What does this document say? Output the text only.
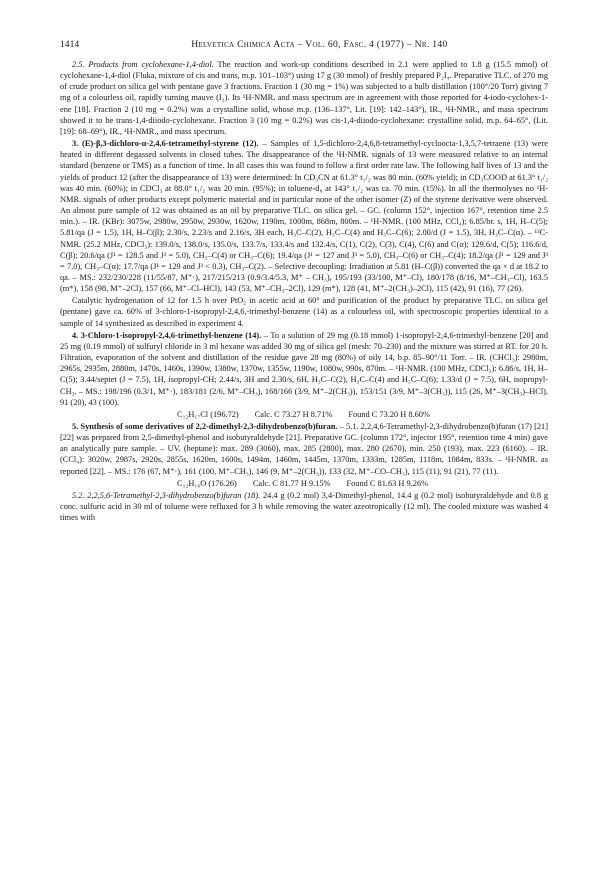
1414	Helvetica Chimica Acta – Vol. 60, Fasc. 4 (1977) – Nr. 140

2.5. Products from cyclohexane-1,4-diol. The reaction and work-up conditions described in 2.1 were applied to 1.8 g (15.5 mmol) of cyclohexane-1,4-diol (Fluka, mixture of cis and trans, m.p. 101–103°) using 17 g (30 mmol) of freshly prepared P₂I₄. Preparative TLC. of 270 mg of crude product on silica gel with pentane gave 3 fractions. Fraction 1 (30 mg = 1%) was subjected to a bulb distillation (100°/20 Torr) giving 7 mg of a colourless oil, rapidly turning mauve (I₂). Its ¹H-NMR. and mass spectrum are in agreement with those reported for 4-iodo-cyclohex-1-ene [18]. Fraction 2 (10 mg = 0.2%) was a crystalline solid, whose m.p. (136–137°, Lit. [19]: 142–143°), IR., ¹H-NMR., and mass spectrum showed it to be trans-1,4-diiodo-cyclohexane. Fraction 3 (10 mg = 0.2%) was cis-1,4-diiodo-cyclohexane: crystalline solid, m.p. 64–65°, (Lit. [19]: 68–69°), IR., ¹H-NMR., and mass spectrum.

3. (E)-β,3-dichloro-α-2,4,6-tetramethyl-styrene (12). – Samples of 1,5-dichloro-2,4,6,8-tetramethyl-cycloocta-1,3,5,7-tetraene (13) were heated in different degassed solvents in closed tubes. The disappearance of the ¹H-NMR. signals of 13 were measured relative to an internal standard (benzene or TMS) as a function of time. In all cases this was found to follow a first order rate law. The following half lives of 13 and the yields of product 12 (after the disappearance of 13) were determined: In CD₃CN at 61.3° t₁/₂ was 80 min. (60% yield); in CD₃COOD at 61.3° t₁/₂ was 40 min. (60%); in CDCl₃ at 88.0° t₁/₂ was 20 min. (95%); in toluene-d₈ at 143° t₁/₂ was ca. 70 min. (15%). In all the thermolyses no ¹H-NMR. signals of other products except polymeric material and in particular none of the other isomer (Z) of the styrene derivative were observed. An almost pure sample of 12 was obtained as an oil by preparative TLC. on silica gel. – GC. (column 152°, injection 167°, retention time 2.5 min.). – IR. (KBr): 3075w, 2980w, 2950w, 2930w, 1620w, 1190m, 1000m, 868m, 800m. – ¹H-NMR. (100 MHz, CCl₄); 6.85/br. s, 1H, H–C(5); 5.81/qa (J = 1.5), 1H, H–C(β); 2.30/s, 2.23/s and 2.16/s, 3H each, H₃C–C(2), H₃C–C(4) and H₃C–C(6); 2.00/d (J = 1.5), 3H, H₃C–C(α). – ¹³C-NMR. (25.2 MHz, CDCl₃): 139.0/s, 138.0/s, 135.0/s, 133.7/s, 133.4/s and 132.4/s, C(1), C(2), C(3), C(4), C(6) and C(α); 129.6/d, C(5); 116.6/d, C(β); 20.6/qa (J¹ = 128.5 and J³ = 5.0), CH₃–C(4) or CH₃–C(6); 19.4/qa (J¹ = 127 and J³ = 5.0), CH₃–C(6) or CH₃–C(4); 18.2/qa (J¹ = 129 and J³ = 7.0), CH₃–C(α); 17.7/qa (J¹ = 129 and J³ < 0.3), CH₃–C(2). – Selective decoupling: Irradiation at 5.81 (H–C(β)) converted the qa × d at 18.2 to qa. – MS.: 232/230/228 (11/55/87, M⁺·), 217/215/213 (0.9/3.4/5.3, M⁺ – CH₃), 195/193 (33/100, M⁺–Cl), 180/178 (8/16, M⁺–CH₃–Cl), 163.5 (m*), 158 (98, M⁺–2Cl), 157 (66, M⁺–Cl–HCl), 143 (53, M⁺–CH₃–2Cl), 129 (m*), 128 (41, M⁺–2(CH₃)–2Cl), 115 (42), 91 (16), 77 (26).

Catalytic hydrogenation of 12 for 1.5 h over PtO₂ in acetic acid at 60° and purification of the product by preparative TLC. on silica gel (pentane) gave ca. 60% of 3-chloro-1-isopropyl-2,4,6,-trimethyl-benzene (14) as a colourless oil, with spectroscopic properties identical to a sample of 14 synthesized as described in experiment 4.

4. 3-Chloro-1-isopropyl-2,4,6-trimethyl-benzene (14). – To a solution of 29 mg (0.18 mmol) 1-isopropyl-2,4,6-trimethyl-benzene [20] and 25 mg (0.19 mmol) of sulfuryl chloride in 3 ml hexane was added 30 mg of silica gel (mesh: 70–230) and the mixture was stirred at RT. for 20 h. Filtration, evaporation of the solvent and distillation of the residue gave 28 mg (80%) of oily 14, b.p. 85–90°/11 Torr. – IR. (CHCl₃): 2980m, 2965s, 2935m, 2880m, 1470s, 1460s, 1390w, 1380w, 1370w, 1355w, 1190w, 1080w, 990s, 870m. – ¹H-NMR. (100 MHz, CDCl₃): 6.86/s, 1H, H–C(5); 3.44/septet (J = 7.5), 1H, isopropyl-CH; 2.44/s, 3H and 2.30/s, 6H, H₃C–C(2), H₃C–C(4) and H₃C–C(6); 1.33/d (J = 7.5), 6H, isopropyl-CH₃. – MS.: 198/196 (0.3/1, M⁺·), 183/181 (2/6, M⁺–CH₃), 168/166 (3/9, M⁺–2(CH₃)), 153/151 (3/9, M⁺–3(CH₃)), 115 (26, M⁺–3(CH₃)–HCl), 91 (20), 43 (100).

C₁₂H₁₇Cl (196.72) Calc. C 73.27 H 8.71% Found C 73.20 H 8.60%

5. Synthesis of some derivatives of 2,2-dimethyl-2,3-dihydrobenzo(b)furan. – 5.1. 2,2,4,6-Tetramethyl-2,3-dihydrobenzo(b)furan (17) [21] [22] was prepared from 2,5-dimethyl-phenol and isobutyraldehyde [21]. Preparative GC. (column 172°, injector 195°, retention time 4 min) gave an analytically pure sample. – UV. (heptane): max. 289 (3060), max. 285 (2800), max. 280 (2670), min. 250 (193), max. 223 (6160). – IR. (CCl₄): 3020w, 2987s, 2920s, 2855s, 1620m, 1600s, 1494m, 1460m, 1445m, 1370m, 1333m, 1285m, 1118m, 1084m, 833s. – ¹H-NMR. as reported [22]. – MS.: 176 (67, M⁺·), 161 (100, M⁺–CH₃), 146 (9, M⁺–2(CH₃)), 133 (32, M⁺–CO–CH₃), 115 (11), 91 (21), 77 (11).

C₁₂H₁₆O (176.26) Calc. C 81.77 H 9.15% Found C 81.63 H 9.26%

5.2. 2,2,5,6-Tetramethyl-2,3-dihydrobenzo(b)furan (18). 24.4 g (0.2 mol) 3,4-Dimethyl-phenol, 14.4 g (0.2 mol) isobutyraldehyde and 0.8 g conc. sulfuric acid in 30 ml of toluene were refluxed for 3 h while removing the water azeotropically (12 ml). The cooled mixture was washed 4 times with
